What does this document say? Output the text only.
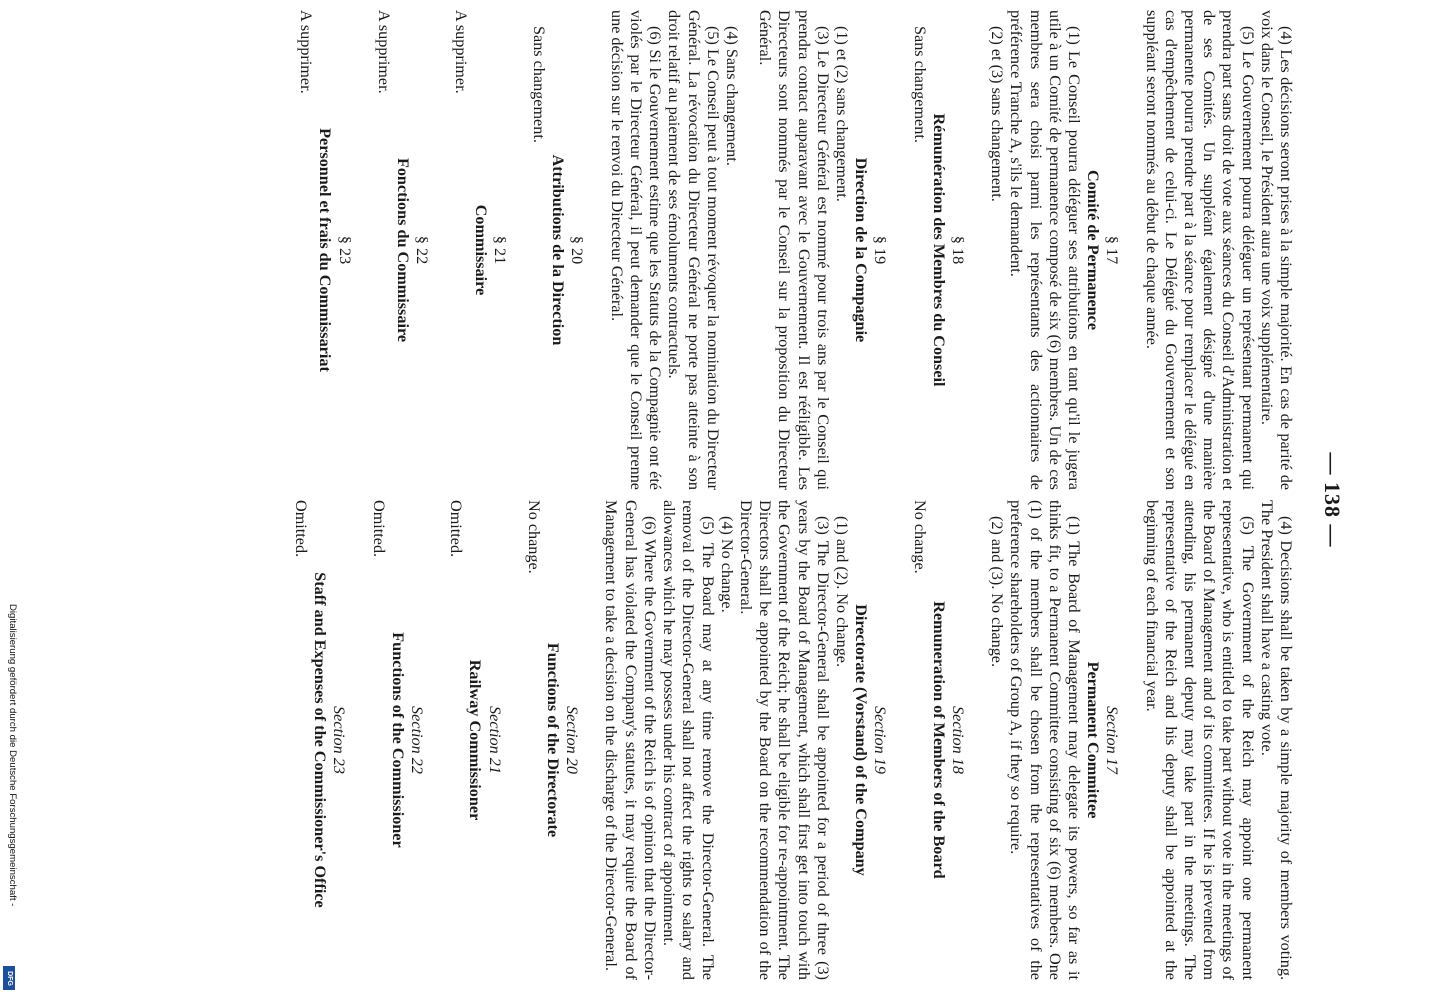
— 138 —

(4) Les décisions seront prises à la simple majorité. En cas de parité de voix dans le Conseil, le Président aura une voix supplémentaire.

(5) Le Gouvernement pourra déléguer un représentant permanent qui prendra part sans droit de vote aux séances du Conseil d'Administration et de ses Comités. Un suppléant également désigné d'une manière permanente pourra prendre part à la séance pour remplacer le délégué en cas d'empêchement de celui-ci. Le Délégué du Gouvernement et son suppléant seront nommés au début de chaque année.

§ 17

Comité de Permanence

(1) Le Conseil pourra déléguer ses attributions en tant qu'il le jugera utile à un Comité de permanence composé de six (6) membres. Un de ces membres sera choisi parmi les représentants des actionnaires de préférence Tranche A, s'ils le demandent.

(2) et (3) sans changement.

§ 18

Rémunération des Membres du Conseil

Sans changement.

§ 19

Direction de la Compagnie

(1) et (2) sans changement.

(3) Le Directeur Général est nommé pour trois ans par le Conseil qui prendra contact auparavant avec le Gouvernement. Il est rééligible. Les Directeurs sont nommés par le Conseil sur la proposition du Directeur Général.

(4) Sans changement.

(5) Le Conseil peut à tout moment révoquer la nomination du Directeur Général. La révocation du Directeur Général ne porte pas atteinte à son droit relatif au paiement de ses émoluments contractuels.

(6) Si le Gouvernement estime que les Statuts de la Compagnie ont été violés par le Directeur Général, il peut demander que le Conseil prenne une décision sur le renvoi du Directeur Général.

§ 20

Attributions de la Direction

Sans changement.

§ 21

Commissaire

A supprimer.

§ 22

Fonctions du Commissaire

A supprimer.

§ 23

Personnel et frais du Commissariat

A supprimer.

(4) Decisions shall be taken by a simple majority of members voting. The President shall have a casting vote.

(5) The Government of the Reich may appoint one permanent representative, who is entitled to take part without vote in the meetings of the Board of Management and of its committees. If he is prevented from attending, his permanent deputy may take part in the meetings. The representative of the Reich and his deputy shall be appointed at the beginning of each financial year.

Section 17

Permanent Committee

(1) The Board of Management may delegate its powers, so far as it thinks fit, to a Permanent Committee consisting of six (6) members. One (1) of the members shall be chosen from the representatives of the preference shareholders of Group A, if they so require.

(2) and (3). No change.

Section 18

Remuneration of Members of the Board

No change.

Section 19

Directorate (Vorstand) of the Company

(1) and (2). No change.

(3) The Director-General shall be appointed for a period of three (3) years by the Board of Management, which shall first get into touch with the Government of the Reich; he shall be eligible for re-appointment. The Directors shall be appointed by the Board on the recommendation of the Director-General.

(4) No change.

(5) The Board may at any time remove the Director-General. The removal of the Director-General shall not affect the rights to salary and allowances which he may possess under his contract of appointment.

(6) Where the Government of the Reich is of opinion that the Director-General has violated the Company's statutes, it may require the Board of Management to take a decision on the discharge of the Director-General.

Section 20

Functions of the Directorate

No change.

Section 21

Railway Commissioner

Omitted.

Section 22

Functions of the Commissioner

Omitted.

Section 23

Staff and Expenses of the Commissioner's Office

Omitted.

Digitalisierung gefördert durch die Deutsche Forschungsgemeinschaft -
DFG
